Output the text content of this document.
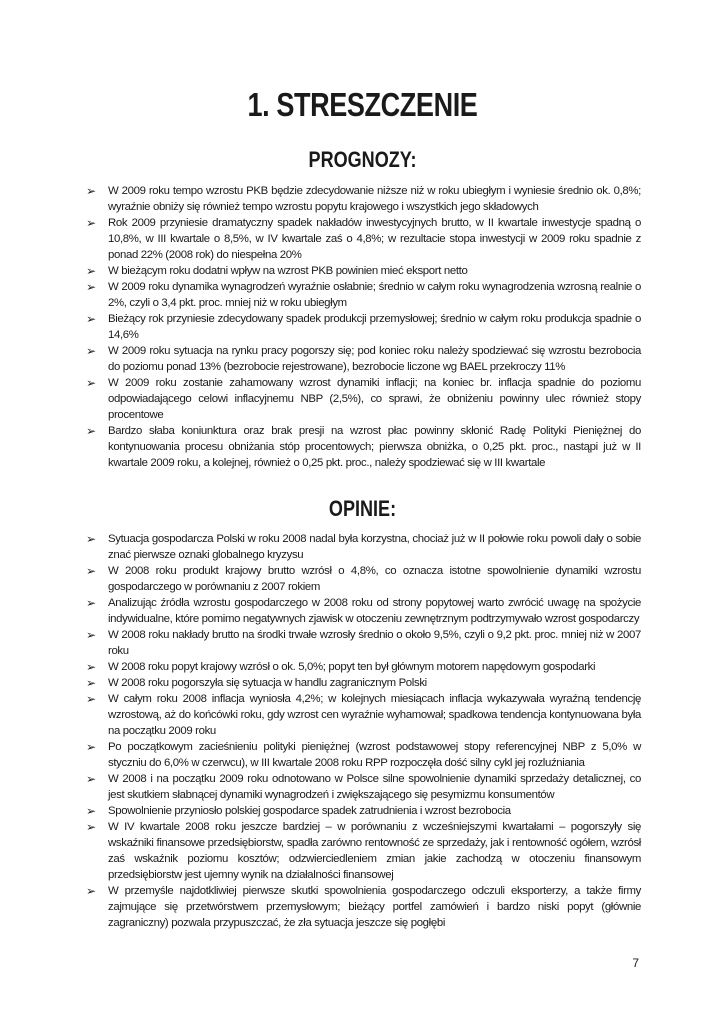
1. STRESZCZENIE
PROGNOZY:
➢ W 2009 roku tempo wzrostu PKB będzie zdecydowanie niższe niż w roku ubiegłym i wyniesie średnio ok. 0,8%; wyraźnie obniży się również tempo wzrostu popytu krajowego i wszystkich jego składowych
➢ Rok 2009 przyniesie dramatyczny spadek nakładów inwestycyjnych brutto, w II kwartale inwestycje spadną o 10,8%, w III kwartale o 8,5%, w IV kwartale zaś o 4,8%; w rezultacie stopa inwestycji w 2009 roku spadnie z ponad 22% (2008 rok) do niespełna 20%
➢ W bieżącym roku dodatni wpływ na wzrost PKB powinien mieć eksport netto
➢ W 2009 roku dynamika wynagrodzeń wyraźnie osłabnie; średnio w całym roku wynagrodzenia wzrosną realnie o 2%, czyli o 3,4 pkt. proc. mniej niż w roku ubiegłym
➢ Bieżący rok przyniesie zdecydowany spadek produkcji przemysłowej; średnio w całym roku produkcja spadnie o 14,6%
➢ W 2009 roku sytuacja na rynku pracy pogorszy się; pod koniec roku należy spodziewać się wzrostu bezrobocia do poziomu ponad 13% (bezrobocie rejestrowane), bezrobocie liczone wg BAEL przekroczy 11%
➢ W 2009 roku zostanie zahamowany wzrost dynamiki inflacji; na koniec br. inflacja spadnie do poziomu odpowiadającego celowi inflacyjnemu NBP (2,5%), co sprawi, że obniżeniu powinny ulec również stopy procentowe
➢ Bardzo słaba koniunktura oraz brak presji na wzrost płac powinny skłonić Radę Polityki Pieniężnej do kontynuowania procesu obniżania stóp procentowych; pierwsza obniżka, o 0,25 pkt. proc., nastąpi już w II kwartale 2009 roku, a kolejnej, również o 0,25 pkt. proc., należy spodziewać się w III kwartale
OPINIE:
➢ Sytuacja gospodarcza Polski w roku 2008 nadal była korzystna, chociaż już w II połowie roku powoli dały o sobie znać pierwsze oznaki globalnego kryzysu
➢ W 2008 roku produkt krajowy brutto wzrósł o 4,8%, co oznacza istotne spowolnienie dynamiki wzrostu gospodarczego w porównaniu z 2007 rokiem
➢ Analizując źródła wzrostu gospodarczego w 2008 roku od strony popytowej warto zwrócić uwagę na spożycie indywidualne, które pomimo negatywnych zjawisk w otoczeniu zewnętrznym podtrzymywało wzrost gospodarczy
➢ W 2008 roku nakłady brutto na środki trwałe wzrosły średnio o około 9,5%, czyli o 9,2 pkt. proc. mniej niż w 2007 roku
➢ W 2008 roku popyt krajowy wzrósł o ok. 5,0%; popyt ten był głównym motorem napędowym gospodarki
➢ W 2008 roku pogorszyła się sytuacja w handlu zagranicznym Polski
➢ W całym roku 2008 inflacja wyniosła 4,2%; w kolejnych miesiącach inflacja wykazywała wyraźną tendencję wzrostową, aż do końcówki roku, gdy wzrost cen wyraźnie wyhamował; spadkowa tendencja kontynuowana była na początku 2009 roku
➢ Po początkowym zacieśnieniu polityki pieniężnej (wzrost podstawowej stopy referencyjnej NBP z 5,0% w styczniu do 6,0% w czerwcu), w III kwartale 2008 roku RPP rozpoczęła dość silny cykl jej rozluźniania
➢ W 2008 i na początku 2009 roku odnotowano w Polsce silne spowolnienie dynamiki sprzedaży detalicznej, co jest skutkiem słabnącej dynamiki wynagrodzeń i zwiększającego się pesymizmu konsumentów
➢ Spowolnienie przyniosło polskiej gospodarce spadek zatrudnienia i wzrost bezrobocia
➢ W IV kwartale 2008 roku jeszcze bardziej – w porównaniu z wcześniejszymi kwartałami – pogorszyły się wskaźniki finansowe przedsiębiorstw, spadła zarówno rentowność ze sprzedaży, jak i rentowność ogółem, wzrósł zaś wskaźnik poziomu kosztów; odzwierciedleniem zmian jakie zachodzą w otoczeniu finansowym przedsiębiorstw jest ujemny wynik na działalności finansowej
➢ W przemyśle najdotkliwiej pierwsze skutki spowolnienia gospodarczego odczuli eksporterzy, a także firmy zajmujące się przetwórstwem przemysłowym; bieżący portfel zamówień i bardzo niski popyt (głównie zagraniczny) pozwala przypuszczać, że zła sytuacja jeszcze się pogłębi
7
